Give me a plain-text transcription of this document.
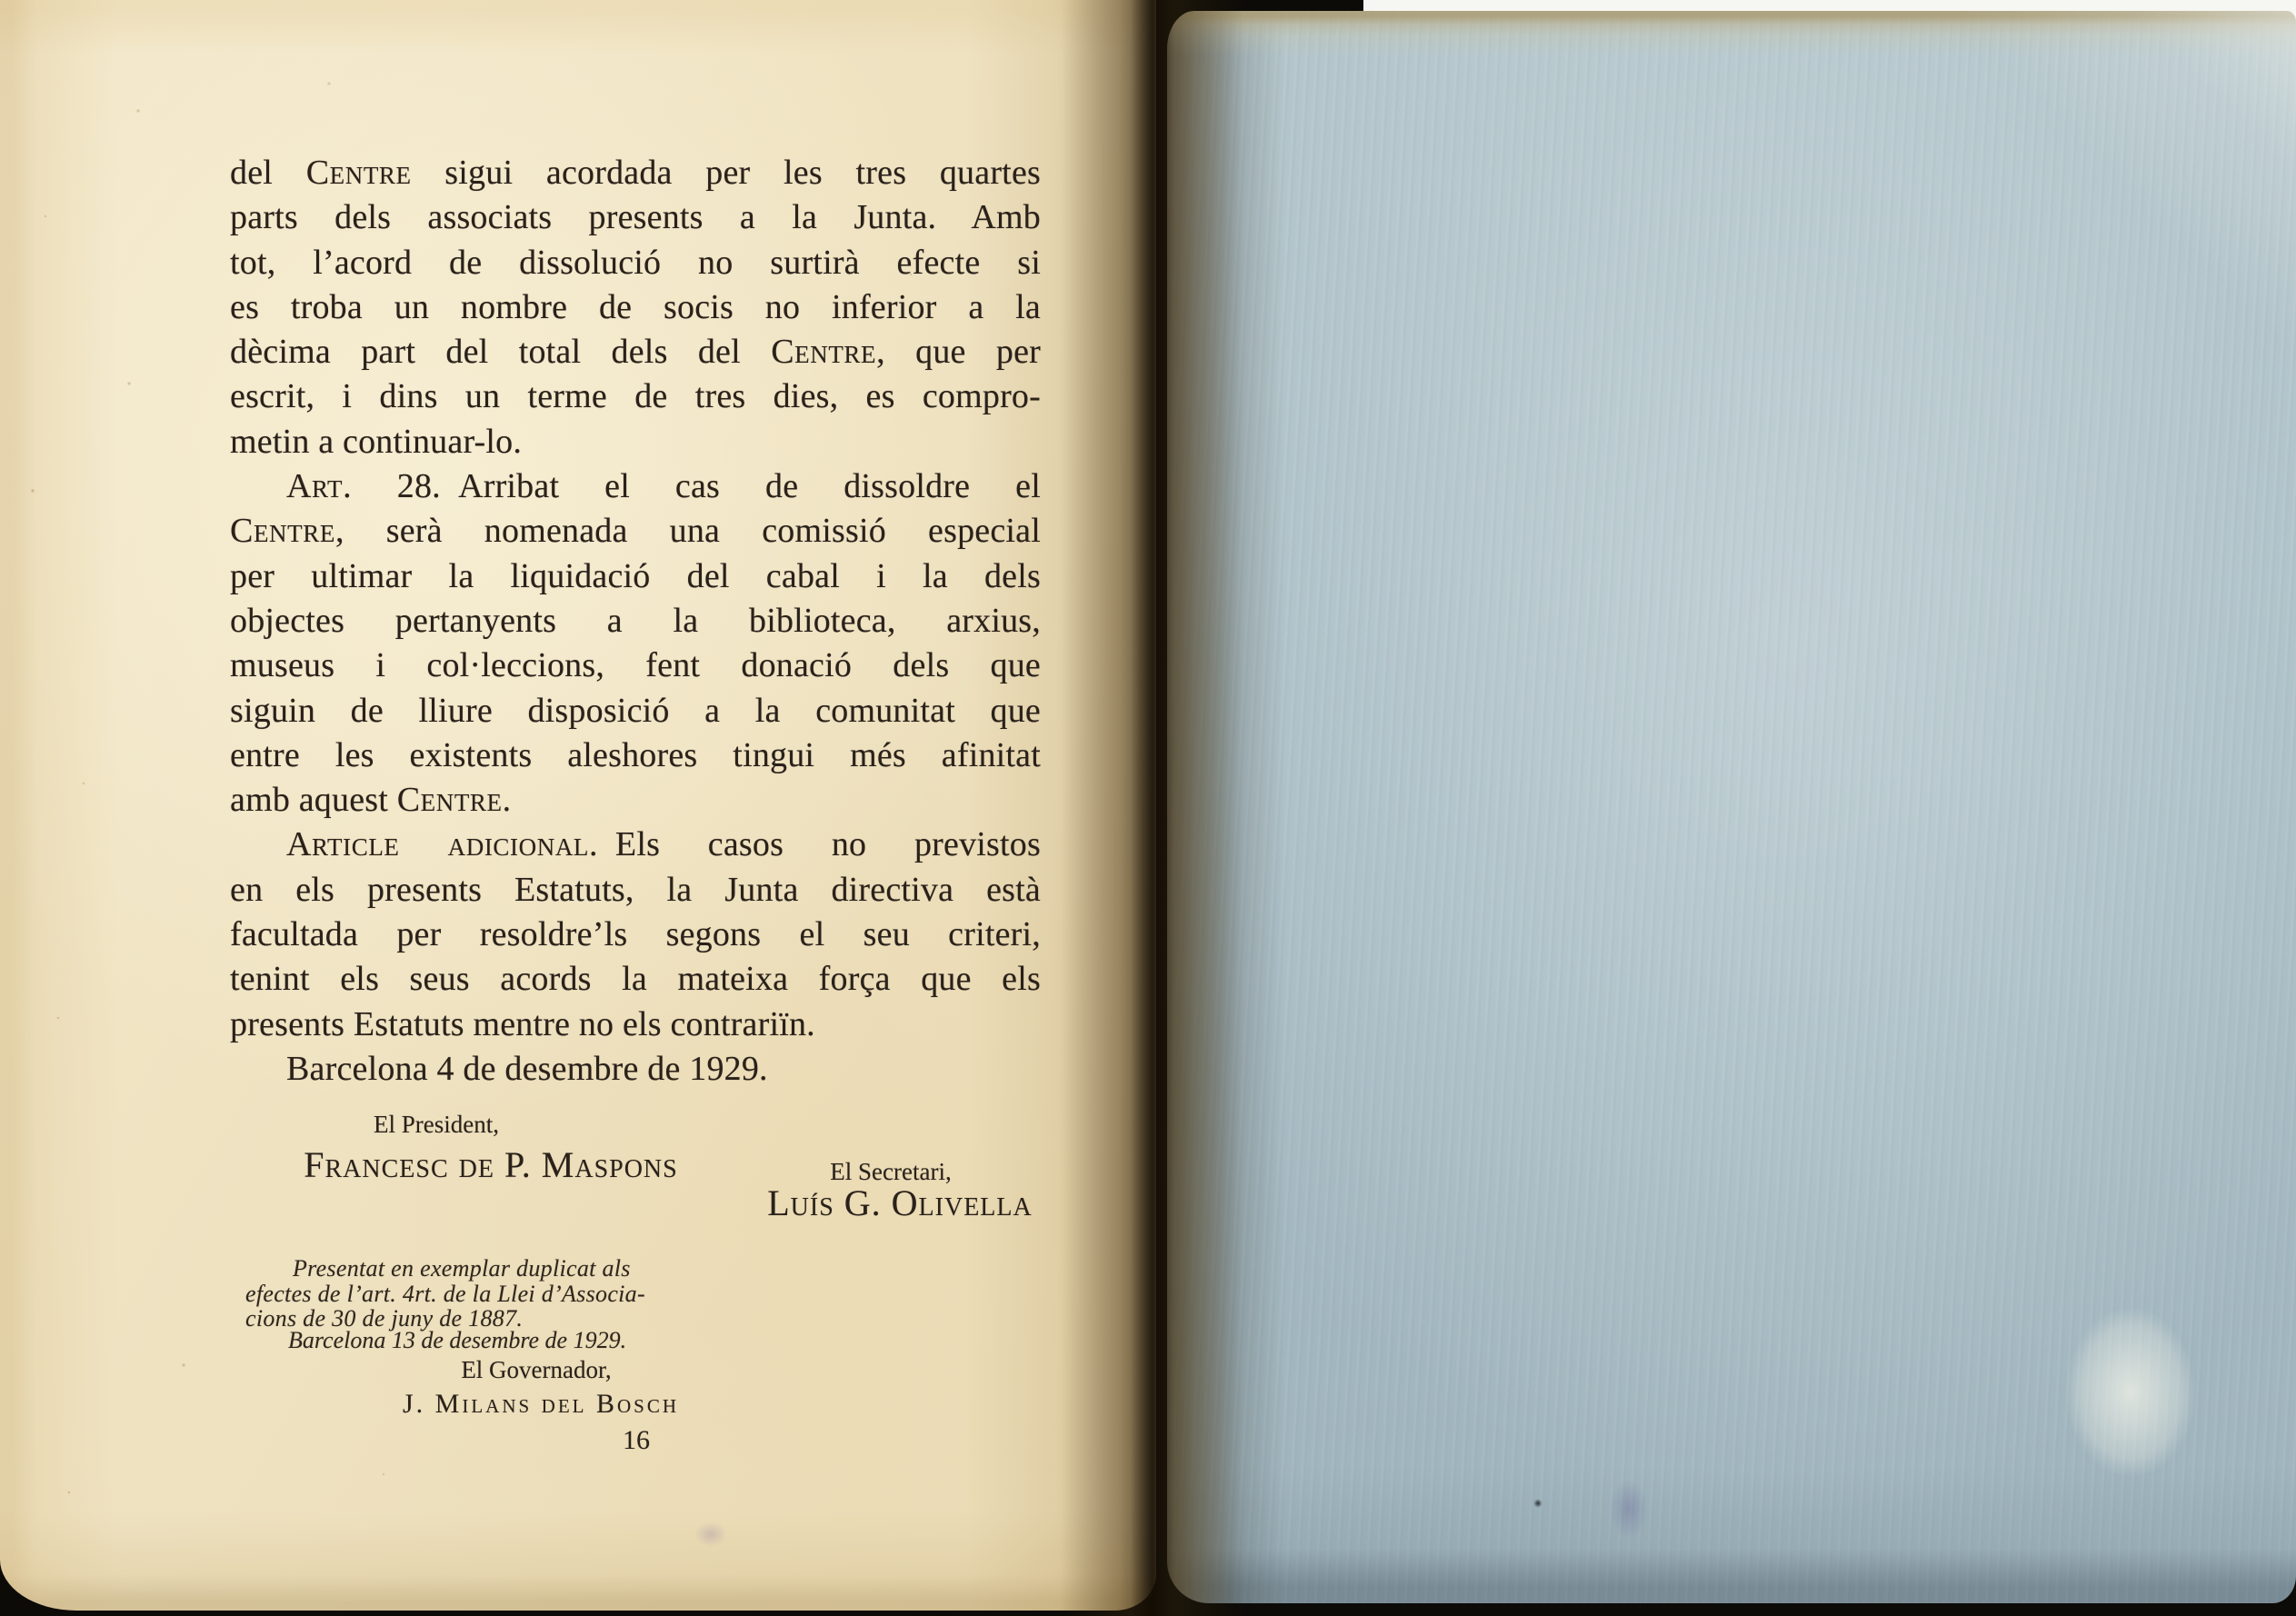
del Centre sigui acordada per les tres quartes
parts dels associats presents a la Junta. Amb
tot, l’acord de dissolució no surtirà efecte si
es troba un nombre de socis no inferior a la
dècima part del total dels del Centre, que per
escrit, i dins un terme de tres dies, es compro-
metin a continuar-lo.
Art. 28. Arribat el cas de dissoldre el
Centre, serà nomenada una comissió especial
per ultimar la liquidació del cabal i la dels
objectes pertanyents a la biblioteca, arxius,
museus i col·leccions, fent donació dels que
siguin de lliure disposició a la comunitat que
entre les existents aleshores tingui més afinitat
amb aquest Centre.
Article adicional. Els casos no previstos
en els presents Estatuts, la Junta directiva està
facultada per resoldre’ls segons el seu criteri,
tenint els seus acords la mateixa força que els
presents Estatuts mentre no els contrariïn.
Barcelona 4 de desembre de 1929.
El President,
Francesc de P. Maspons	El Secretari,
Luís G. Olivella
Presentat en exemplar duplicat als
efectes de l’art. 4rt. de la Llei d’Associa-
cions de 30 de juny de 1887.
Barcelona 13 de desembre de 1929.
El Governador,
J. Milans del Bosch
16
